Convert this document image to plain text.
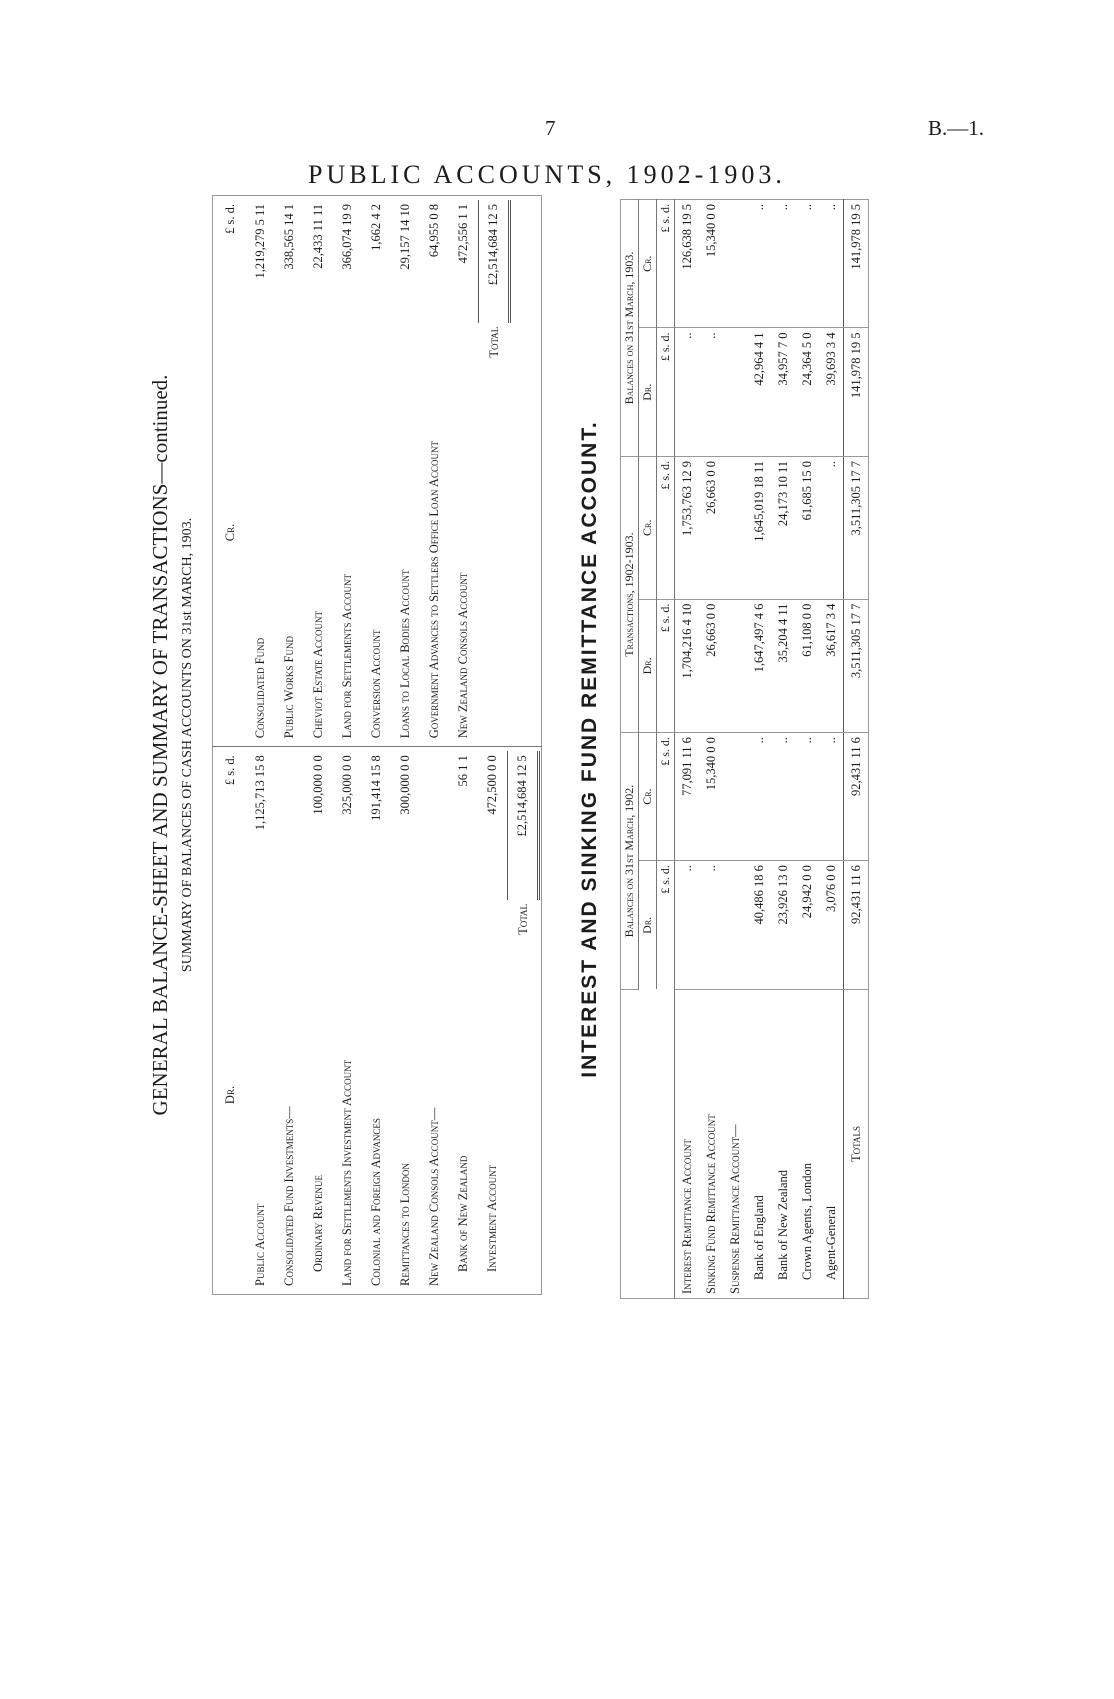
7	B.—1.
PUBLIC ACCOUNTS, 1902-1903.
GENERAL BALANCE-SHEET AND SUMMARY OF TRANSACTIONS—continued. SUMMARY OF BALANCES OF CASH ACCOUNTS ON 31st MARCH, 1903.
Dr.	£ s. d.
Public Account	1,125,713 15 8
Consolidated Fund Investments—	Ordinary Revenue	100,000 0 0
Land for Settlements Investment Account	325,000 0 0
Colonial and Foreign Advances	191,414 15 8
Remittances to London	300,000 0 0
New Zealand Consols Account—	Bank of New Zealand	56 1 1
Investment Account	472,500 0 0
Total	£2,514,684 12 5

Cr.	£ s. d.
Consolidated Fund	1,219,279 5 11
Public Works Fund	338,565 14 1
Cheviot Estate Account	22,433 11 11
Land for Settlements Account	366,074 19 9
Conversion Account	1,662 4 2
Loans to Local Bodies Account	29,157 14 10
Government Advances to Settlers Office Loan Account	64,955 0 8
New Zealand Consols Account	472,556 1 1
Total	£2,514,684 12 5
INTEREST AND SINKING FUND REMITTANCE ACCOUNT.
	Balances on 31st March, 1902.		Transactions, 1902-1903.		Balances on 31st March, 1903.	
	Dr.	Cr.	Dr.	Cr.	Dr.	Cr.
	£ s. d.	£ s. d.	£ s. d.	£ s. d.	£ s. d.	£ s. d.
Interest Remittance Account	..	77,091 11 6	1,704,216 4 10	1,753,763 12 9	..	126,638 19 5
Sinking Fund Remittance Account	..	15,340 0 0	26,663 0 0	26,663 0 0	..	15,340 0 0
Suspense Remittance Account—						
Bank of England	40,486 18 6	..	1,647,497 4 6	1,645,019 18 11	42,964 4 1	..
Bank of New Zealand	23,926 13 0	..	35,204 4 11	24,173 10 11	34,957 7 0	..
Crown Agents, London	24,942 0 0	..	61,108 0 0	61,685 15 0	24,364 5 0	..
Agent-General	3,076 0 0	..	36,617 3 4	..	39,693 3 4	..
Totals	92,431 11 6	92,431 11 6	3,511,305 17 7	3,511,305 17 7	141,978 19 5	141,978 19 5
